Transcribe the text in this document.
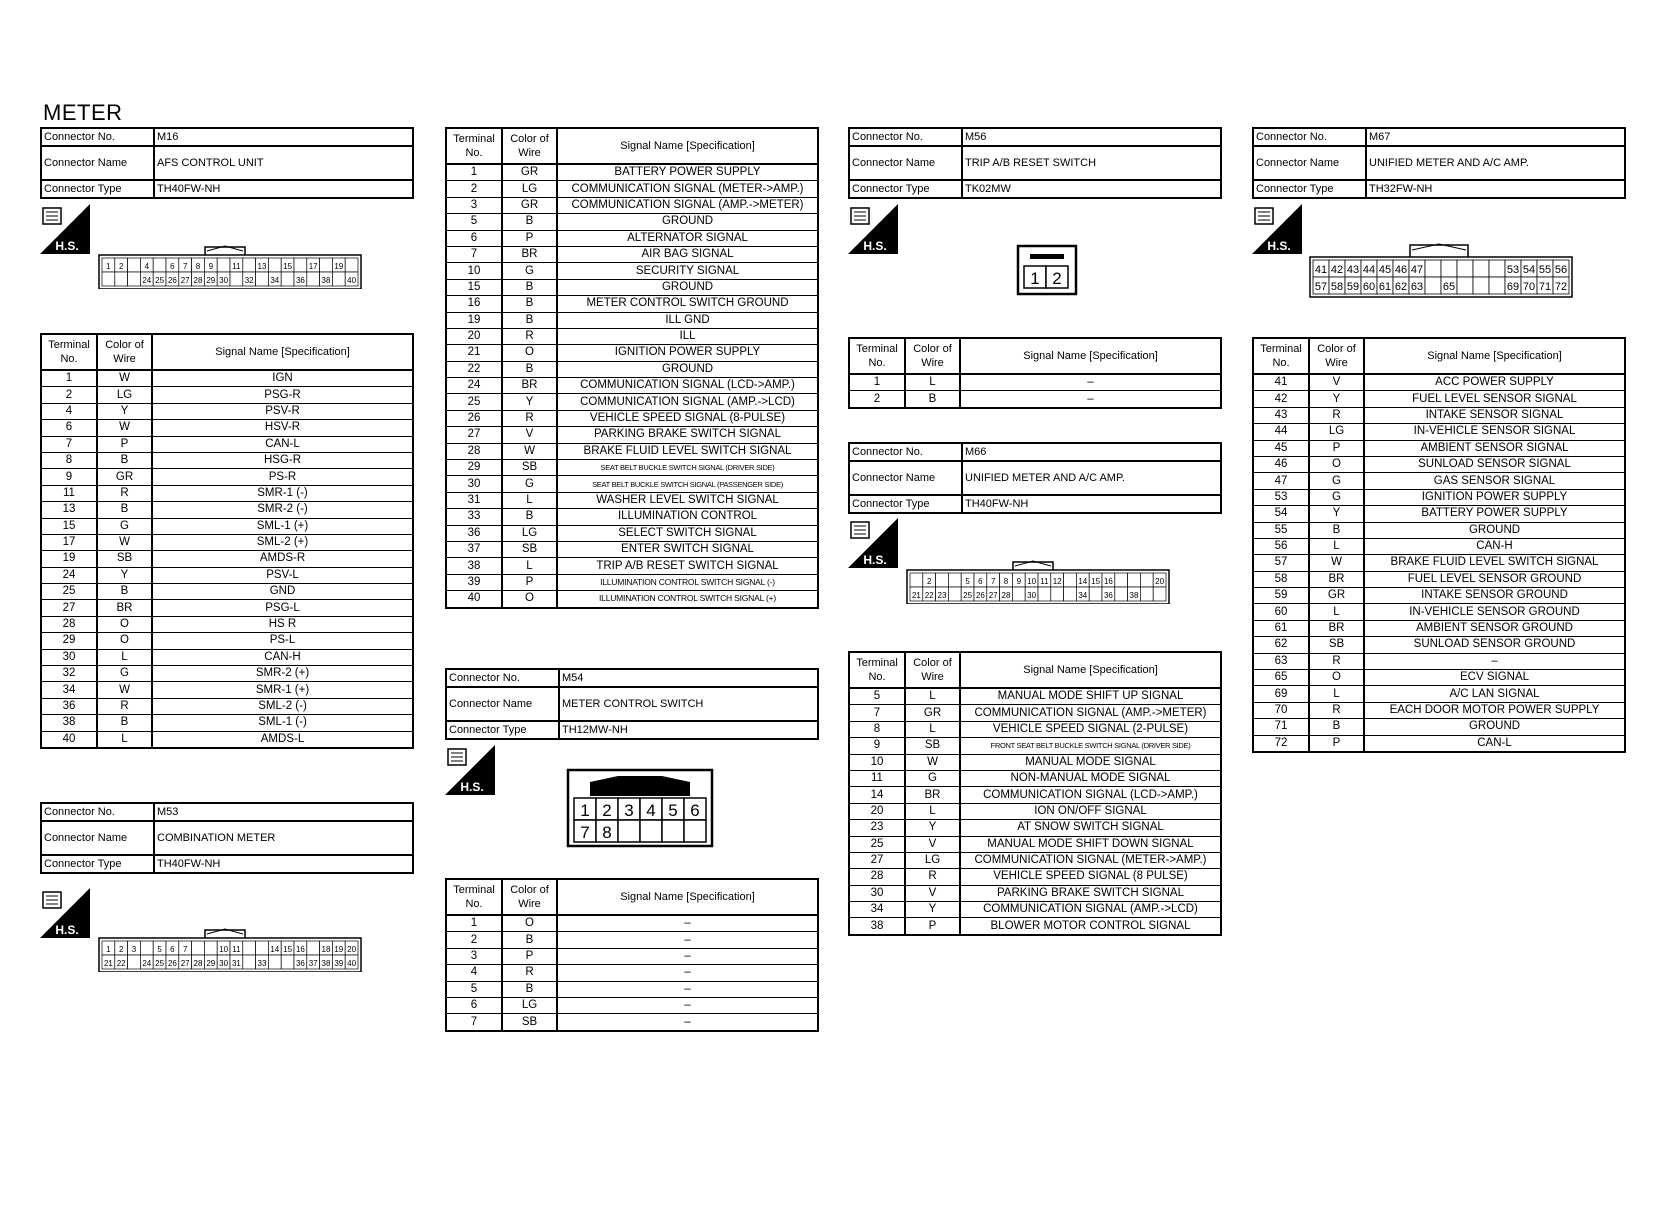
METER
Connector No.	M16
Connector Name	AFS CONTROL UNIT
Connector Type	TH40FW-NH
H.S.
1 2	4	6 7 8 9 11 13 15 17 19
24 25 26 27 28 29 30 32 34 36 38 40
Terminal No.	Color of Wire	Signal Name [Specification]
1	W	IGN
2	LG	PSG-R
4	Y	PSV-R
6	W	HSV-R
7	P	CAN-L
8	B	HSG-R
9	GR	PS-R
11	R	SMR-1 (-)
13	B	SMR-2 (-)
15	G	SML-1 (+)
17	W	SML-2 (+)
19	SB	AMDS-R
24	Y	PSV-L
25	B	GND
27	BR	PSG-L
28	O	HS R
29	O	PS-L
30	L	CAN-H
32	G	SMR-2 (+)
34	W	SMR-1 (+)
36	R	SML-2 (-)
38	B	SML-1 (-)
40	L	AMDS-L
Connector No.	M53
Connector Name	COMBINATION METER
Connector Type	TH40FW-NH
H.S.
1 2 3	5 6 7	10 11	14 15 16 18 19 20
21 22 24 25 26 27 28 29 30 31 33	36 37 38 39 40
Terminal No.	Color of Wire	Signal Name [Specification]
1	GR	BATTERY POWER SUPPLY
2	LG	COMMUNICATION SIGNAL (METER->AMP.)
3	GR	COMMUNICATION SIGNAL (AMP.->METER)
5	B	GROUND
6	P	ALTERNATOR SIGNAL
7	BR	AIR BAG SIGNAL
10	G	SECURITY SIGNAL
15	B	GROUND
16	B	METER CONTROL SWITCH GROUND
19	B	ILL GND
20	R	ILL
21	O	IGNITION POWER SUPPLY
22	B	GROUND
24	BR	COMMUNICATION SIGNAL (LCD->AMP.)
25	Y	COMMUNICATION SIGNAL (AMP.->LCD)
26	R	VEHICLE SPEED SIGNAL (8-PULSE)
27	V	PARKING BRAKE SWITCH SIGNAL
28	W	BRAKE FLUID LEVEL SWITCH SIGNAL
29	SB	SEAT BELT BUCKLE SWITCH SIGNAL (DRIVER SIDE)
30	G	SEAT BELT BUCKLE SWITCH SIGNAL (PASSENGER SIDE)
31	L	WASHER LEVEL SWITCH SIGNAL
33	B	ILLUMINATION CONTROL
36	LG	SELECT SWITCH SIGNAL
37	SB	ENTER SWITCH SIGNAL
38	L	TRIP A/B RESET SWITCH SIGNAL
39	P	ILLUMINATION CONTROL SWITCH SIGNAL (-)
40	O	ILLUMINATION CONTROL SWITCH SIGNAL (+)
Connector No.	M54
Connector Name	METER CONTROL SWITCH
Connector Type	TH12MW-NH
H.S.
1 2 3 4 5 6
7 8
Terminal No.	Color of Wire	Signal Name [Specification]
1	O	–
2	B	–
3	P	–
4	R	–
5	B	–
6	LG	–
7	SB	–
Connector No.	M56
Connector Name	TRIP A/B RESET SWITCH
Connector Type	TK02MW
H.S.
1 2
Terminal No.	Color of Wire	Signal Name [Specification]
1	L	–
2	B	–
Connector No.	M66
Connector Name	UNIFIED METER AND A/C AMP.
Connector Type	TH40FW-NH
H.S.
2	5 6 7 8 9 10 11 12 14 15 16	20
21 22 23 25 26 27 28 30	34 36 38
Terminal No.	Color of Wire	Signal Name [Specification]
5	L	MANUAL MODE SHIFT UP SIGNAL
7	GR	COMMUNICATION SIGNAL (AMP.->METER)
8	L	VEHICLE SPEED SIGNAL (2-PULSE)
9	SB	FRONT SEAT BELT BUCKLE SWITCH SIGNAL (DRIVER SIDE)
10	W	MANUAL MODE SIGNAL
11	G	NON-MANUAL MODE SIGNAL
14	BR	COMMUNICATION SIGNAL (LCD->AMP.)
20	L	ION ON/OFF SIGNAL
23	Y	AT SNOW SWITCH SIGNAL
25	V	MANUAL MODE SHIFT DOWN SIGNAL
27	LG	COMMUNICATION SIGNAL (METER->AMP.)
28	R	VEHICLE SPEED SIGNAL (8 PULSE)
30	V	PARKING BRAKE SWITCH SIGNAL
34	Y	COMMUNICATION SIGNAL (AMP.->LCD)
38	P	BLOWER MOTOR CONTROL SIGNAL
Connector No.	M67
Connector Name	UNIFIED METER AND A/C AMP.
Connector Type	TH32FW-NH
H.S.
41 42 43 44 45 46 47	53 54 55 56
57 58 59 60 61 62 63 65	69 70 71 72
Terminal No.	Color of Wire	Signal Name [Specification]
41	V	ACC POWER SUPPLY
42	Y	FUEL LEVEL SENSOR SIGNAL
43	R	INTAKE SENSOR SIGNAL
44	LG	IN-VEHICLE SENSOR SIGNAL
45	P	AMBIENT SENSOR SIGNAL
46	O	SUNLOAD SENSOR SIGNAL
47	G	GAS SENSOR SIGNAL
53	G	IGNITION POWER SUPPLY
54	Y	BATTERY POWER SUPPLY
55	B	GROUND
56	L	CAN-H
57	W	BRAKE FLUID LEVEL SWITCH SIGNAL
58	BR	FUEL LEVEL SENSOR GROUND
59	GR	INTAKE SENSOR GROUND
60	L	IN-VEHICLE SENSOR GROUND
61	BR	AMBIENT SENSOR GROUND
62	SB	SUNLOAD SENSOR GROUND
63	R	–
65	O	ECV SIGNAL
69	L	A/C LAN SIGNAL
70	R	EACH DOOR MOTOR POWER SUPPLY
71	B	GROUND
72	P	CAN-L
